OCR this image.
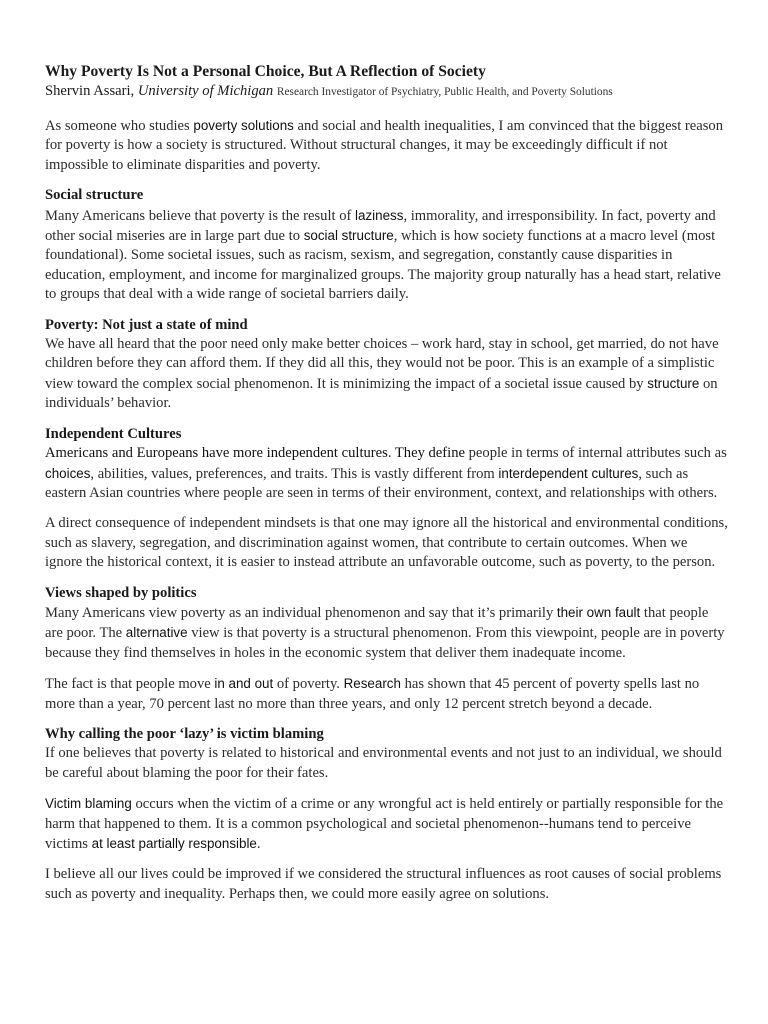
Why Poverty Is Not a Personal Choice, But A Reflection of Society
Shervin Assari, University of Michigan Research Investigator of Psychiatry, Public Health, and Poverty Solutions

As someone who studies poverty solutions and social and health inequalities, I am convinced that the biggest reason for poverty is how a society is structured. Without structural changes, it may be exceedingly difficult if not impossible to eliminate disparities and poverty.

Social structure

Many Americans believe that poverty is the result of laziness, immorality, and irresponsibility. In fact, poverty and other social miseries are in large part due to social structure, which is how society functions at a macro level (most foundational). Some societal issues, such as racism, sexism, and segregation, constantly cause disparities in education, employment, and income for marginalized groups. The majority group naturally has a head start, relative to groups that deal with a wide range of societal barriers daily.

Poverty: Not just a state of mind

We have all heard that the poor need only make better choices – work hard, stay in school, get married, do not have children before they can afford them. If they did all this, they would not be poor. This is an example of a simplistic view toward the complex social phenomenon. It is minimizing the impact of a societal issue caused by structure on individuals’ behavior.

Independent Cultures

Americans and Europeans have more independent cultures. They define people in terms of internal attributes such as choices, abilities, values, preferences, and traits. This is vastly different from interdependent cultures, such as eastern Asian countries where people are seen in terms of their environment, context, and relationships with others.

A direct consequence of independent mindsets is that one may ignore all the historical and environmental conditions, such as slavery, segregation, and discrimination against women, that contribute to certain outcomes. When we ignore the historical context, it is easier to instead attribute an unfavorable outcome, such as poverty, to the person.

Views shaped by politics

Many Americans view poverty as an individual phenomenon and say that it’s primarily their own fault that people are poor. The alternative view is that poverty is a structural phenomenon. From this viewpoint, people are in poverty because they find themselves in holes in the economic system that deliver them inadequate income.

The fact is that people move in and out of poverty. Research has shown that 45 percent of poverty spells last no more than a year, 70 percent last no more than three years, and only 12 percent stretch beyond a decade.

Why calling the poor ‘lazy’ is victim blaming

If one believes that poverty is related to historical and environmental events and not just to an individual, we should be careful about blaming the poor for their fates.

Victim blaming occurs when the victim of a crime or any wrongful act is held entirely or partially responsible for the harm that happened to them. It is a common psychological and societal phenomenon--humans tend to perceive victims at least partially responsible.

I believe all our lives could be improved if we considered the structural influences as root causes of social problems such as poverty and inequality. Perhaps then, we could more easily agree on solutions.
